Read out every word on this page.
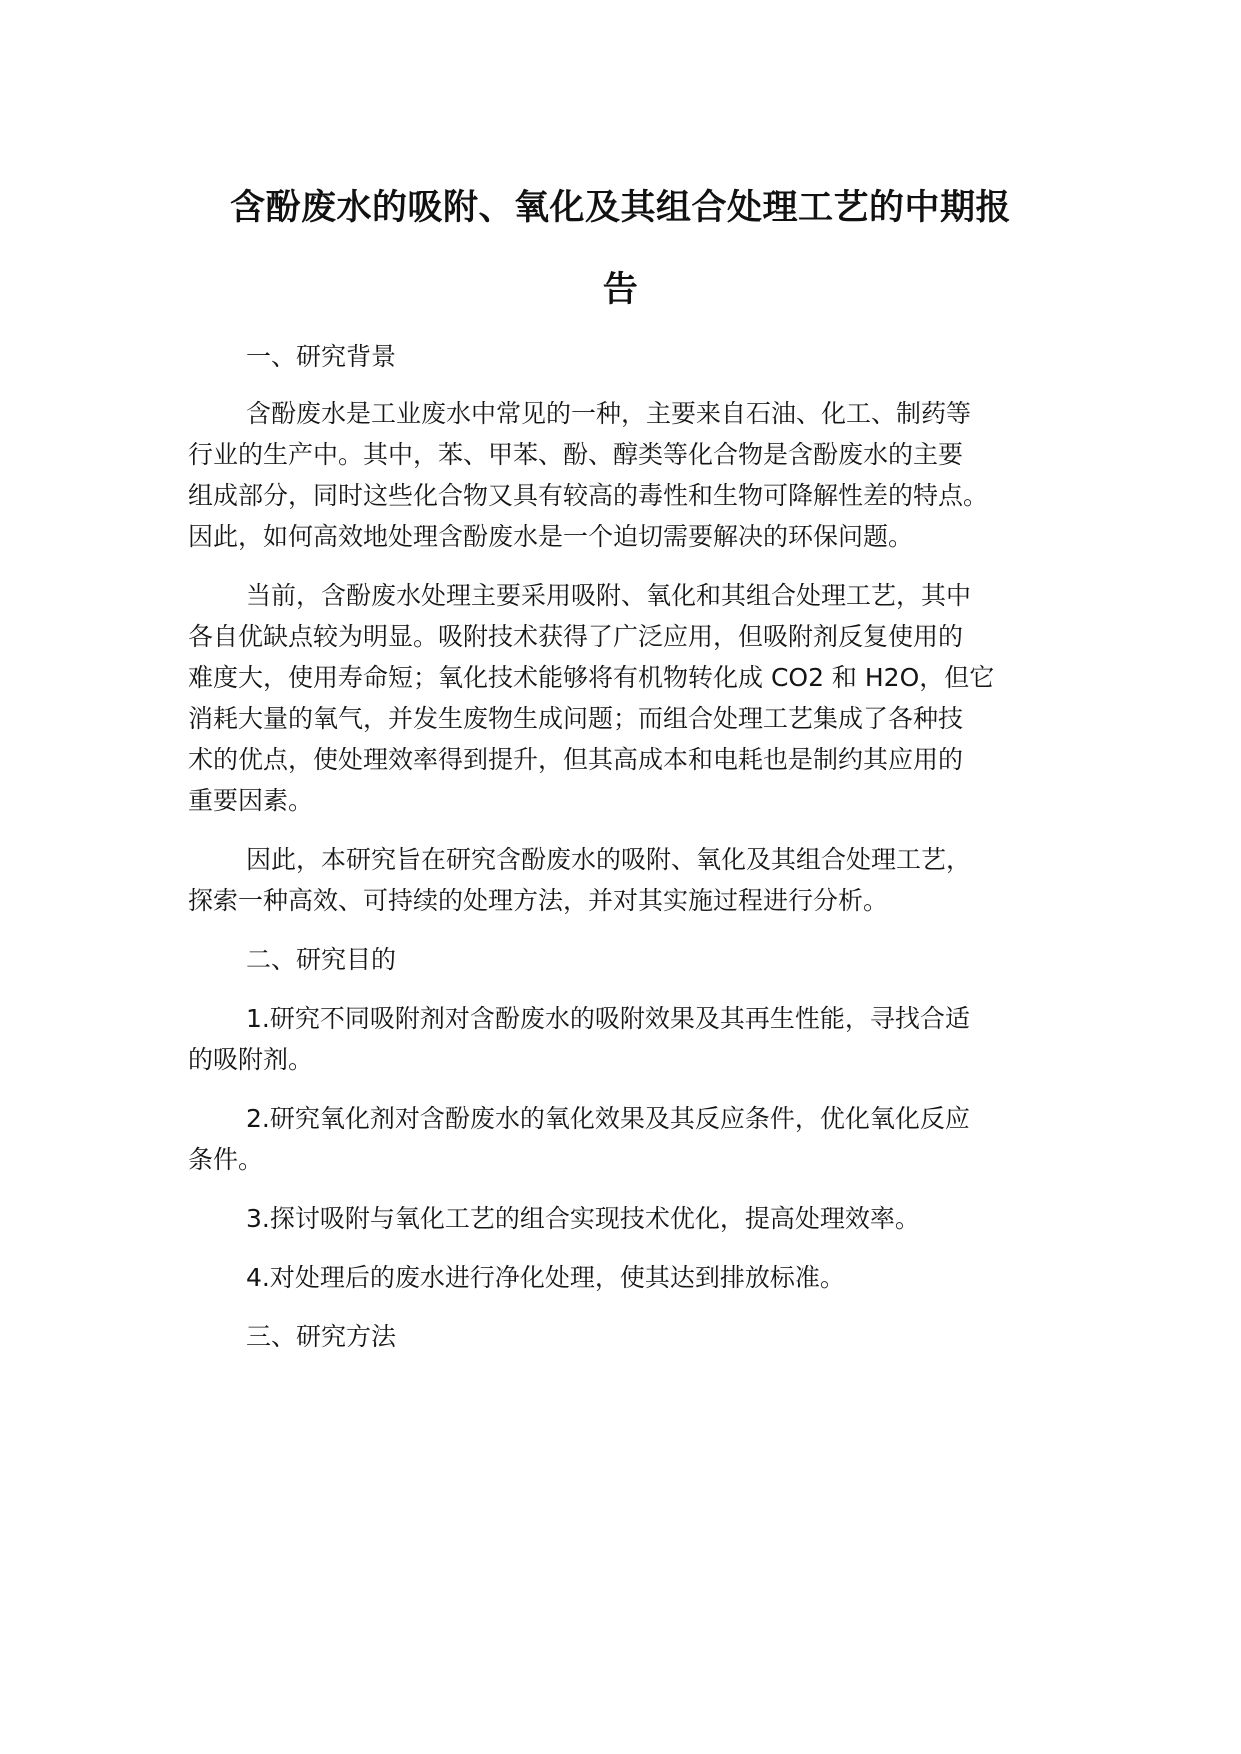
含酚废水的吸附、氧化及其组合处理工艺的中期报
告
一、研究背景
含酚废水是工业废水中常见的一种，主要来自石油、化工、制药等
行业的生产中。其中，苯、甲苯、酚、醇类等化合物是含酚废水的主要
组成部分，同时这些化合物又具有较高的毒性和生物可降解性差的特点。
因此，如何高效地处理含酚废水是一个迫切需要解决的环保问题。
当前，含酚废水处理主要采用吸附、氧化和其组合处理工艺，其中
各自优缺点较为明显。吸附技术获得了广泛应用，但吸附剂反复使用的
难度大，使用寿命短；氧化技术能够将有机物转化成 CO2 和 H2O，但它
消耗大量的氧气，并发生废物生成问题；而组合处理工艺集成了各种技
术的优点，使处理效率得到提升，但其高成本和电耗也是制约其应用的
重要因素。
因此，本研究旨在研究含酚废水的吸附、氧化及其组合处理工艺，
探索一种高效、可持续的处理方法，并对其实施过程进行分析。
二、研究目的
1.研究不同吸附剂对含酚废水的吸附效果及其再生性能，寻找合适
的吸附剂。
2.研究氧化剂对含酚废水的氧化效果及其反应条件，优化氧化反应
条件。
3.探讨吸附与氧化工艺的组合实现技术优化，提高处理效率。
4.对处理后的废水进行净化处理，使其达到排放标准。
三、研究方法
